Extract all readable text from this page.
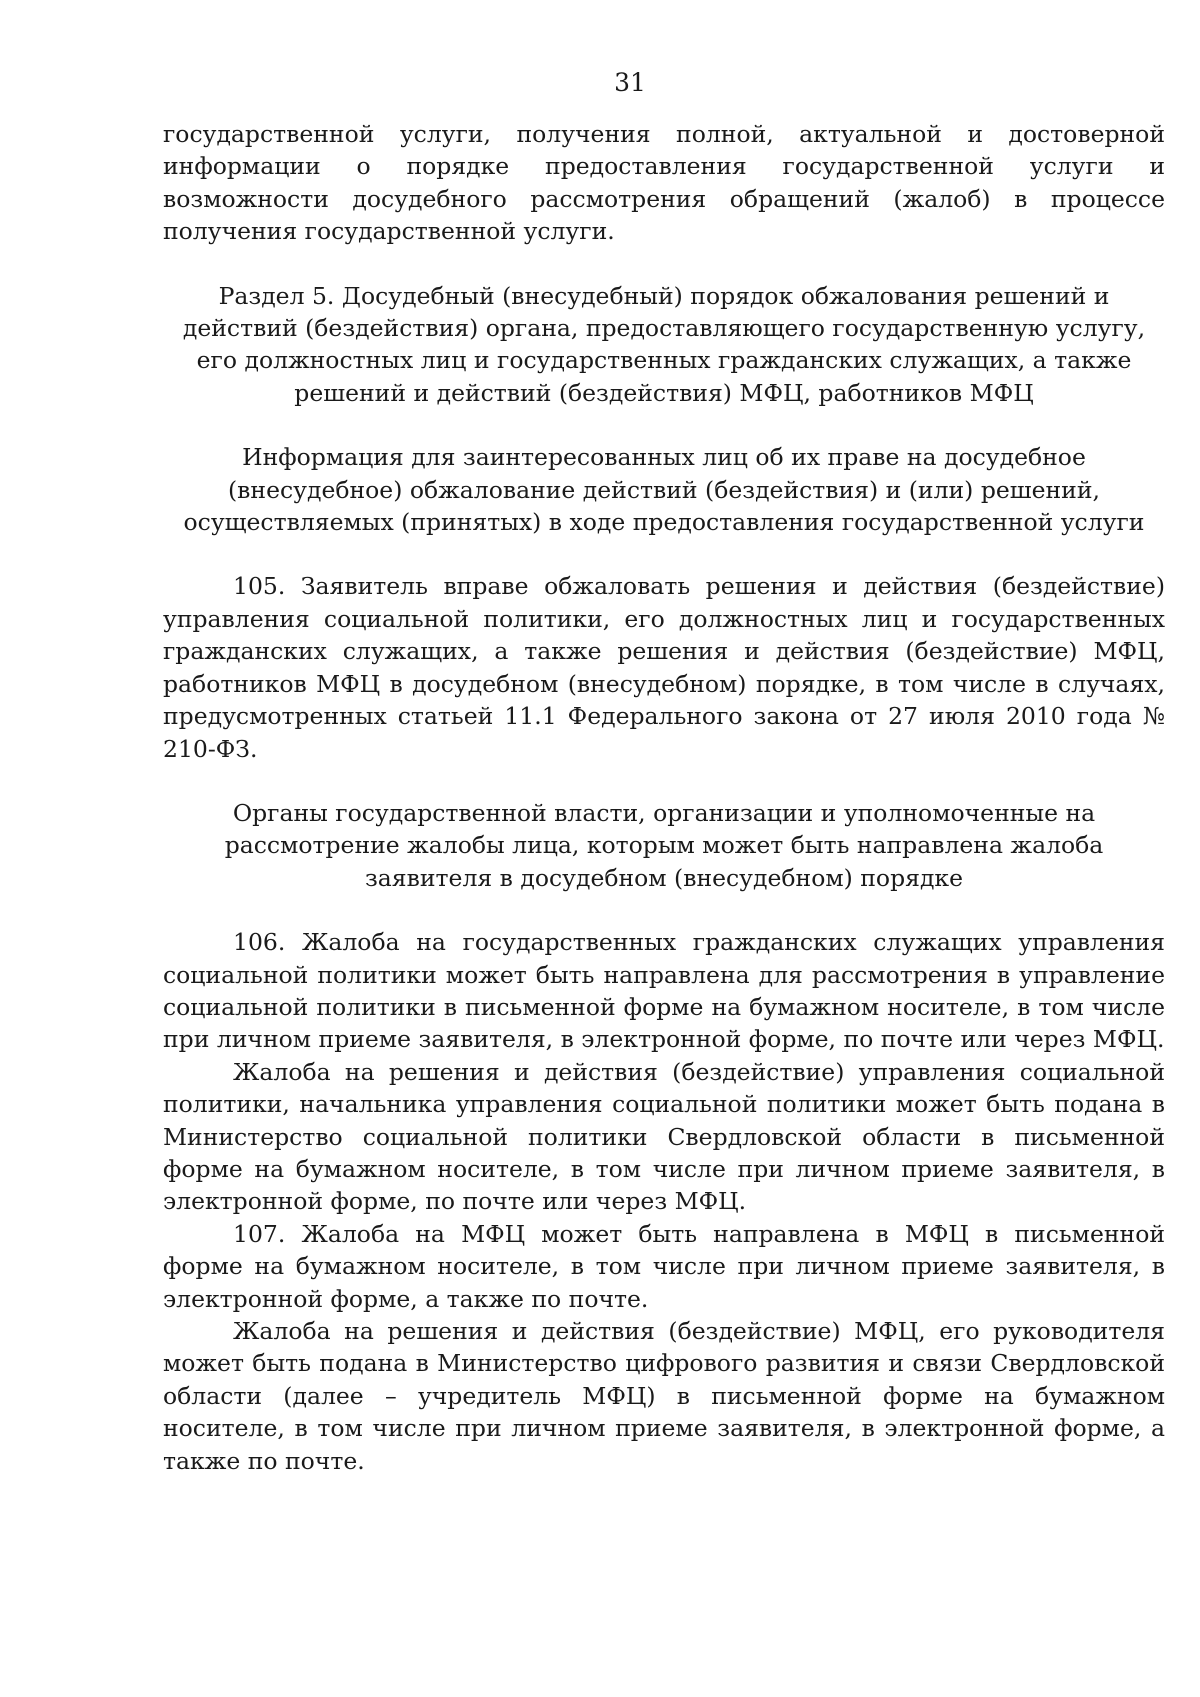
31

государственной услуги, получения полной, актуальной и достоверной информации о порядке предоставления государственной услуги и возможности досудебного рассмотрения обращений (жалоб) в процессе получения государственной услуги.

Раздел 5. Досудебный (внесудебный) порядок обжалования решений и действий (бездействия) органа, предоставляющего государственную услугу, его должностных лиц и государственных гражданских служащих, а также решений и действий (бездействия) МФЦ, работников МФЦ

Информация для заинтересованных лиц об их праве на досудебное (внесудебное) обжалование действий (бездействия) и (или) решений, осуществляемых (принятых) в ходе предоставления государственной услуги

105. Заявитель вправе обжаловать решения и действия (бездействие) управления социальной политики, его должностных лиц и государственных гражданских служащих, а также решения и действия (бездействие) МФЦ, работников МФЦ в досудебном (внесудебном) порядке, в том числе в случаях, предусмотренных статьей 11.1 Федерального закона от 27 июля 2010 года № 210-ФЗ.

Органы государственной власти, организации и уполномоченные на рассмотрение жалобы лица, которым может быть направлена жалоба заявителя в досудебном (внесудебном) порядке

106. Жалоба на государственных гражданских служащих управления социальной политики может быть направлена для рассмотрения в управление социальной политики в письменной форме на бумажном носителе, в том числе при личном приеме заявителя, в электронной форме, по почте или через МФЦ.

Жалоба на решения и действия (бездействие) управления социальной политики, начальника управления социальной политики может быть подана в Министерство социальной политики Свердловской области в письменной форме на бумажном носителе, в том числе при личном приеме заявителя, в электронной форме, по почте или через МФЦ.

107. Жалоба на МФЦ может быть направлена в МФЦ в письменной форме на бумажном носителе, в том числе при личном приеме заявителя, в электронной форме, а также по почте.

Жалоба на решения и действия (бездействие) МФЦ, его руководителя может быть подана в Министерство цифрового развития и связи Свердловской области (далее – учредитель МФЦ) в письменной форме на бумажном носителе, в том числе при личном приеме заявителя, в электронной форме, а также по почте.
